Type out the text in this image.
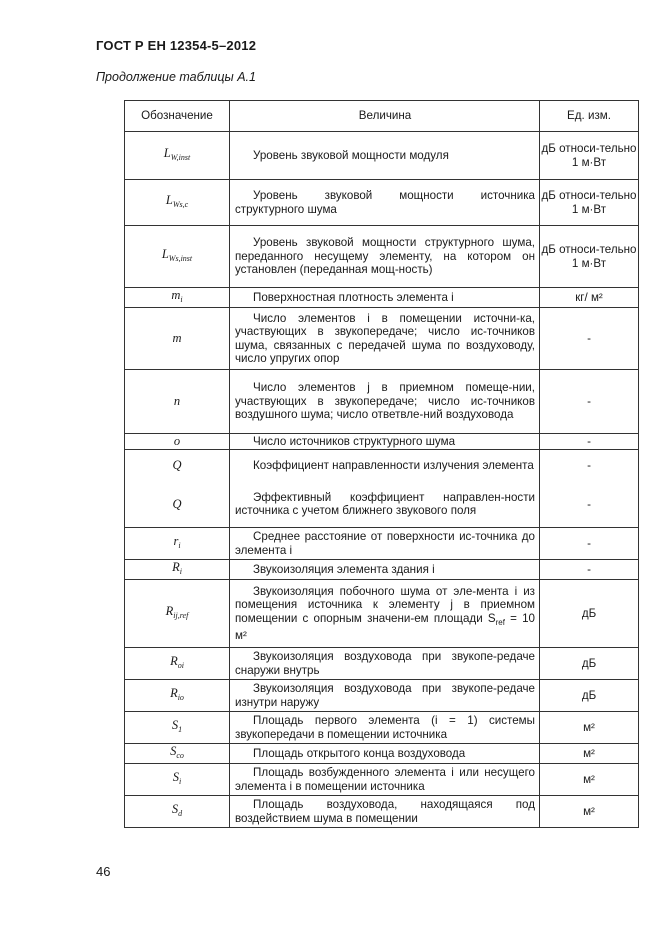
ГОСТ Р ЕН 12354-5–2012
Продолжение таблицы А.1
Обозначение	Величина	Ед. изм.
$L_{W,inst}$	Уровень звуковой мощности модуля	дБ относи-тельно 1 м·Вт
$L_{Ws,c}$	Уровень звуковой мощности источника структурного шума	дБ относи-тельно 1 м·Вт
$L_{Ws,inst}$	Уровень звуковой мощности структурного шума, переданного несущему элементу, на котором он установлен (переданная мощ-ность)	дБ относи-тельно 1 м·Вт
$m_i$	Поверхностная плотность элемента i	кг/ м²
m	Число элементов i в помещении источни-ка, участвующих в звукопередаче; число ис-точников шума, связанных с передачей шума по воздуховоду, число упругих опор	-
n	Число элементов j в приемном помеще-нии, участвующих в звукопередаче; число ис-точников воздушного шума; число ответвле-ний воздуховода	-
o	Число источников структурного шума	-
Q	Коэффициент направленности излучения элемента	-
Q	Эффективный коэффициент направлен-ности источника с учетом ближнего звукового поля	-
$r_i$	Среднее расстояние от поверхности ис-точника до элемента i	-
$R_i$	Звукоизоляция элемента здания i	-
$R_{ij,ref}$	Звукоизоляция побочного шума от эле-мента i из помещения источника к элементу j в приемном помещении с опорным значени-ем площади $S_{ref} = 10$ м²	дБ
$R_{oi}$	Звукоизоляция воздуховода при звукопе-редаче снаружи внутрь	дБ
$R_{io}$	Звукоизоляция воздуховода при звукопе-редаче изнутри наружу	дБ
$S_1$	Площадь первого элемента (i = 1) системы звукопередачи в помещении источника	м²
$S_{co}$	Площадь открытого конца воздуховода	м²
$S_i$	Площадь возбужденного элемента i или несущего элемента i в помещении источника	м²
$S_d$	Площадь воздуховода, находящаяся под воздействием шума в помещении	м²
46
